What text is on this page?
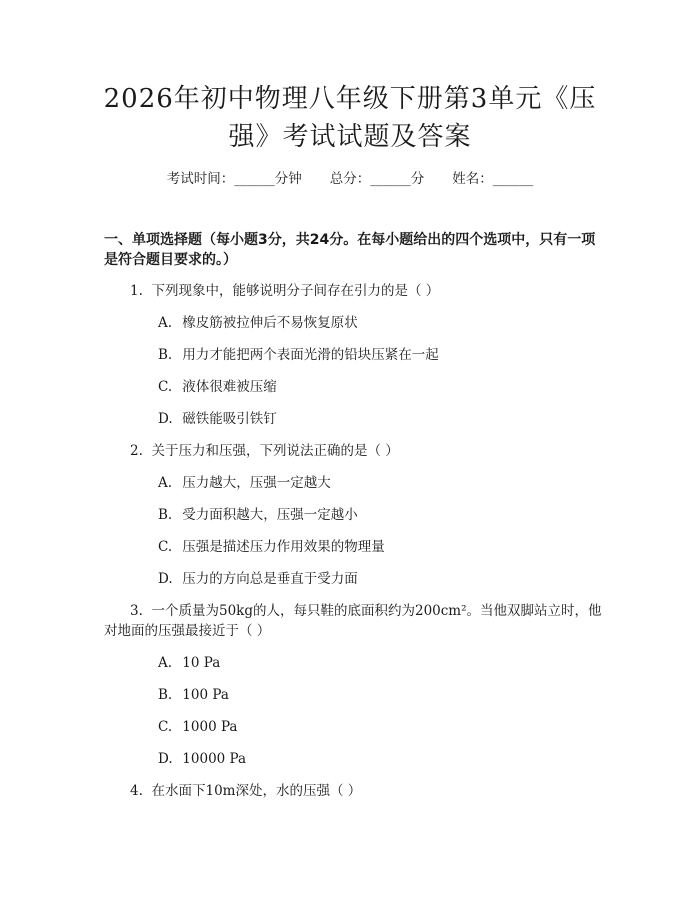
2026年初中物理八年级下册第3单元《压强》考试试题及答案
考试时间：______分钟 总分：______分 姓名：______
一、单项选择题（每小题3分，共24分。在每小题给出的四个选项中，只有一项是符合题目要求的。）
1. 下列现象中，能够说明分子间存在引力的是（ ）
A. 橡皮筋被拉伸后不易恢复原状
B. 用力才能把两个表面光滑的铅块压紧在一起
C. 液体很难被压缩
D. 磁铁能吸引铁钉
2. 关于压力和压强，下列说法正确的是（ ）
A. 压力越大，压强一定越大
B. 受力面积越大，压强一定越小
C. 压强是描述压力作用效果的物理量
D. 压力的方向总是垂直于受力面
3. 一个质量为50kg的人，每只鞋的底面积约为200cm²。当他双脚站立时，他对地面的压强最接近于（ ）
A. 10 Pa
B. 100 Pa
C. 1000 Pa
D. 10000 Pa
4. 在水面下10m深处，水的压强（ ）
